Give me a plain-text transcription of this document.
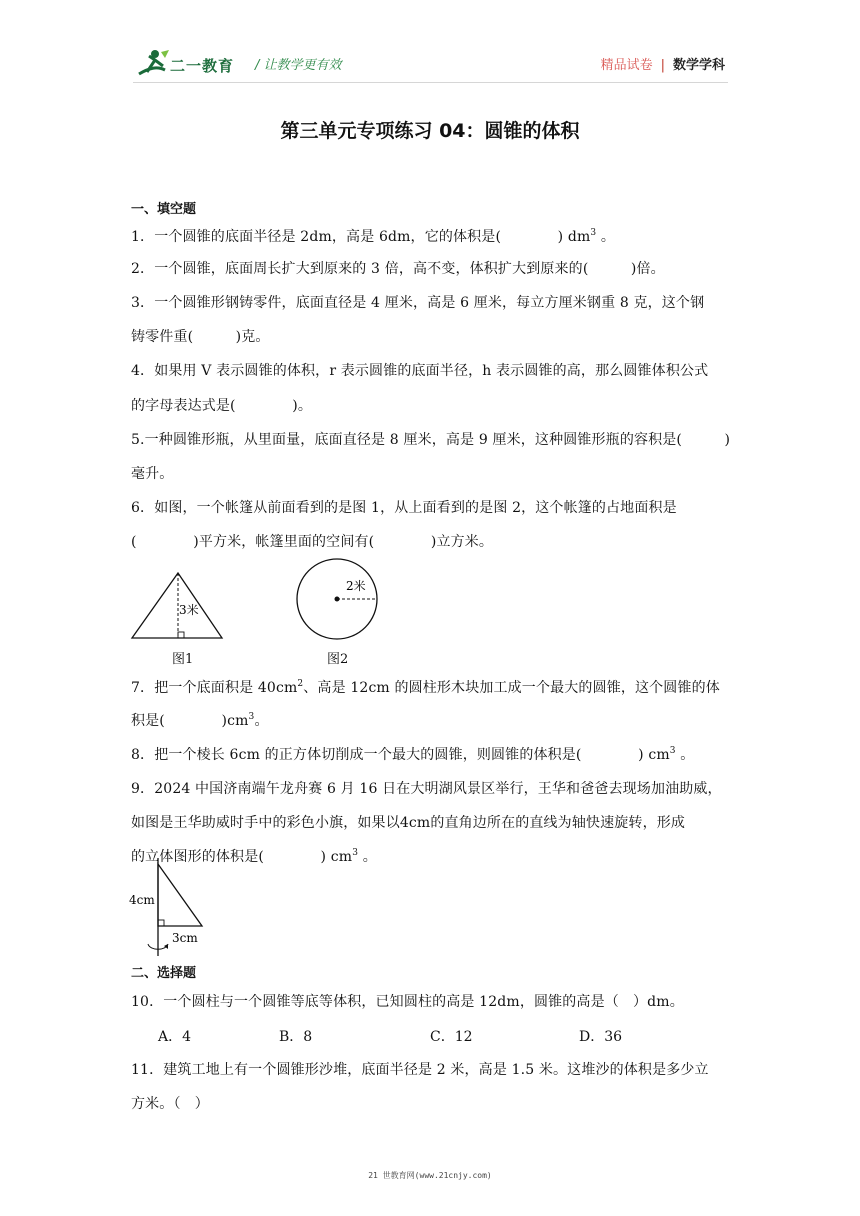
二一教育 / 让教学更有效	精品试卷 | 数学学科
第三单元专项练习 04：圆锥的体积
一、填空题
1．一个圆锥的底面半径是 2dm，高是 6dm，它的体积是(　　　　) $dm^3$ 。
2．一个圆锥，底面周长扩大到原来的 3 倍，高不变，体积扩大到原来的(　　　)倍。
3．一个圆锥形钢铸零件，底面直径是 4 厘米，高是 6 厘米，每立方厘米钢重 8 克，这个钢
铸零件重(　　　)克。
4．如果用 V 表示圆锥的体积，r 表示圆锥的底面半径，h 表示圆锥的高，那么圆锥体积公式
的字母表达式是(　　　　)。
5.一种圆锥形瓶，从里面量，底面直径是 8 厘米，高是 9 厘米，这种圆锥形瓶的容积是(　　　)
毫升。
6．如图，一个帐篷从前面看到的是图 1，从上面看到的是图 2，这个帐篷的占地面积是
(　　　　)平方米，帐篷里面的空间有(　　　　)立方米。
3米
图1
2米
图2
7．把一个底面积是 $40cm^2$、高是 12cm 的圆柱形木块加工成一个最大的圆锥，这个圆锥的体
积是(　　　　)$cm^3$。
8．把一个棱长 6cm 的正方体切削成一个最大的圆锥，则圆锥的体积是(　　　　) $cm^3$ 。
9．2024 中国济南端午龙舟赛 6 月 16 日在大明湖风景区举行，王华和爸爸去现场加油助威，
如图是王华助威时手中的彩色小旗，如果以4cm的直角边所在的直线为轴快速旋转，形成
的立体图形的体积是(　　　　) $cm^3$ 。
4cm
3cm
二、选择题
10．一个圆柱与一个圆锥等底等体积，已知圆柱的高是 12dm，圆锥的高是（　）dm。
A．4	B．8	C．12	D．36
11．建筑工地上有一个圆锥形沙堆，底面半径是 2 米，高是 1.5 米。这堆沙的体积是多少立
方米。（　）
21 世教育网(www.21cnjy.com)
